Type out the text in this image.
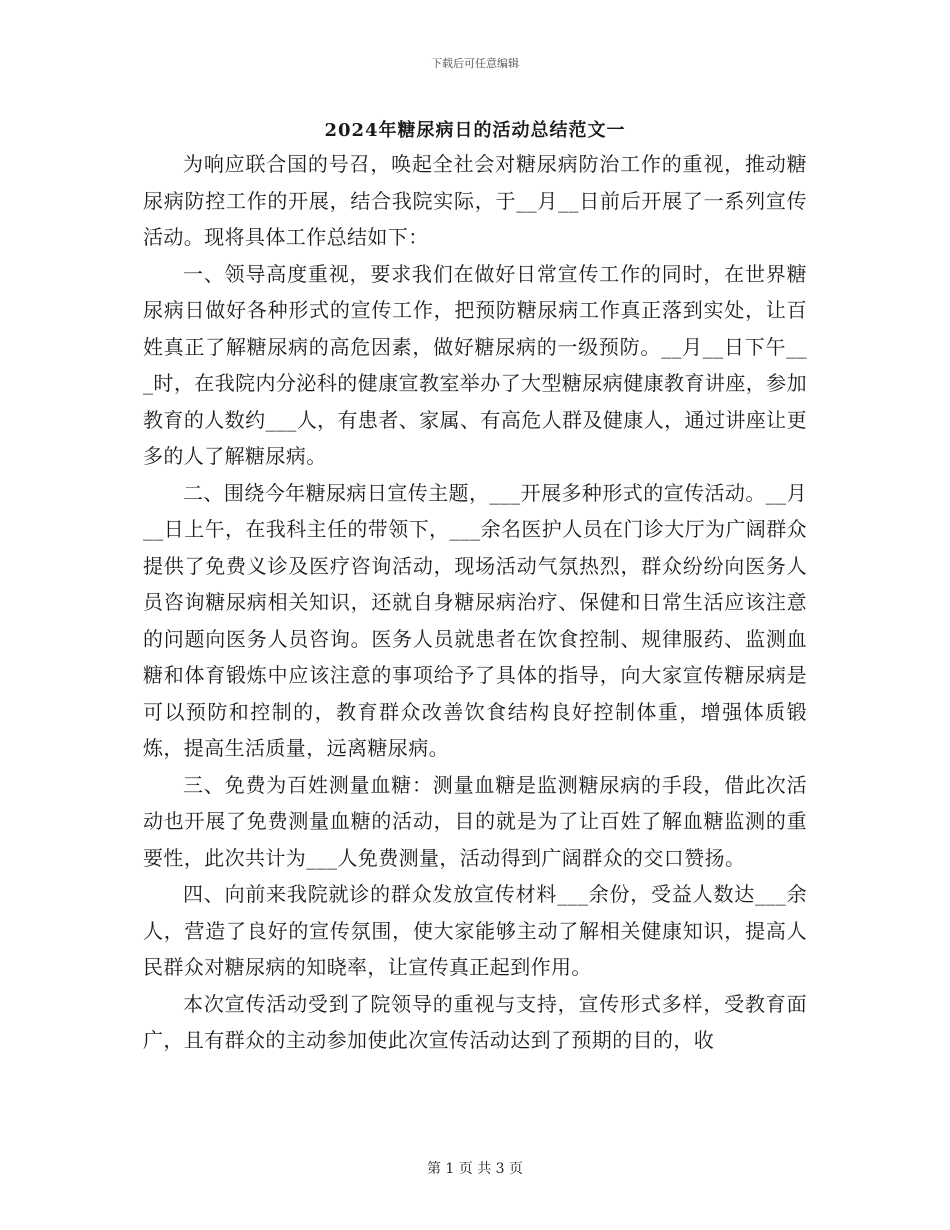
下载后可任意编辑
2024年糖尿病日的活动总结范文一

为响应联合国的号召，唤起全社会对糖尿病防治工作的重视，推动糖尿病防控工作的开展，结合我院实际，于__月__日前后开展了一系列宣传活动。现将具体工作总结如下：

一、领导高度重视，要求我们在做好日常宣传工作的同时，在世界糖尿病日做好各种形式的宣传工作，把预防糖尿病工作真正落到实处，让百姓真正了解糖尿病的高危因素，做好糖尿病的一级预防。__月__日下午___时，在我院内分泌科的健康宣教室举办了大型糖尿病健康教育讲座，参加教育的人数约___人，有患者、家属、有高危人群及健康人，通过讲座让更多的人了解糖尿病。

二、围绕今年糖尿病日宣传主题，___开展多种形式的宣传活动。__月__日上午，在我科主任的带领下，___余名医护人员在门诊大厅为广阔群众提供了免费义诊及医疗咨询活动，现场活动气氛热烈，群众纷纷向医务人员咨询糖尿病相关知识，还就自身糖尿病治疗、保健和日常生活应该注意的问题向医务人员咨询。医务人员就患者在饮食控制、规律服药、监测血糖和体育锻炼中应该注意的事项给予了具体的指导，向大家宣传糖尿病是可以预防和控制的，教育群众改善饮食结构良好控制体重，增强体质锻炼，提高生活质量，远离糖尿病。

三、免费为百姓测量血糖：测量血糖是监测糖尿病的手段，借此次活动也开展了免费测量血糖的活动，目的就是为了让百姓了解血糖监测的重要性，此次共计为___人免费测量，活动得到广阔群众的交口赞扬。

四、向前来我院就诊的群众发放宣传材料___余份，受益人数达___余人，营造了良好的宣传氛围，使大家能够主动了解相关健康知识，提高人民群众对糖尿病的知晓率，让宣传真正起到作用。

本次宣传活动受到了院领导的重视与支持，宣传形式多样，受教育面广，且有群众的主动参加使此次宣传活动达到了预期的目的，收

第 1 页 共 3 页
